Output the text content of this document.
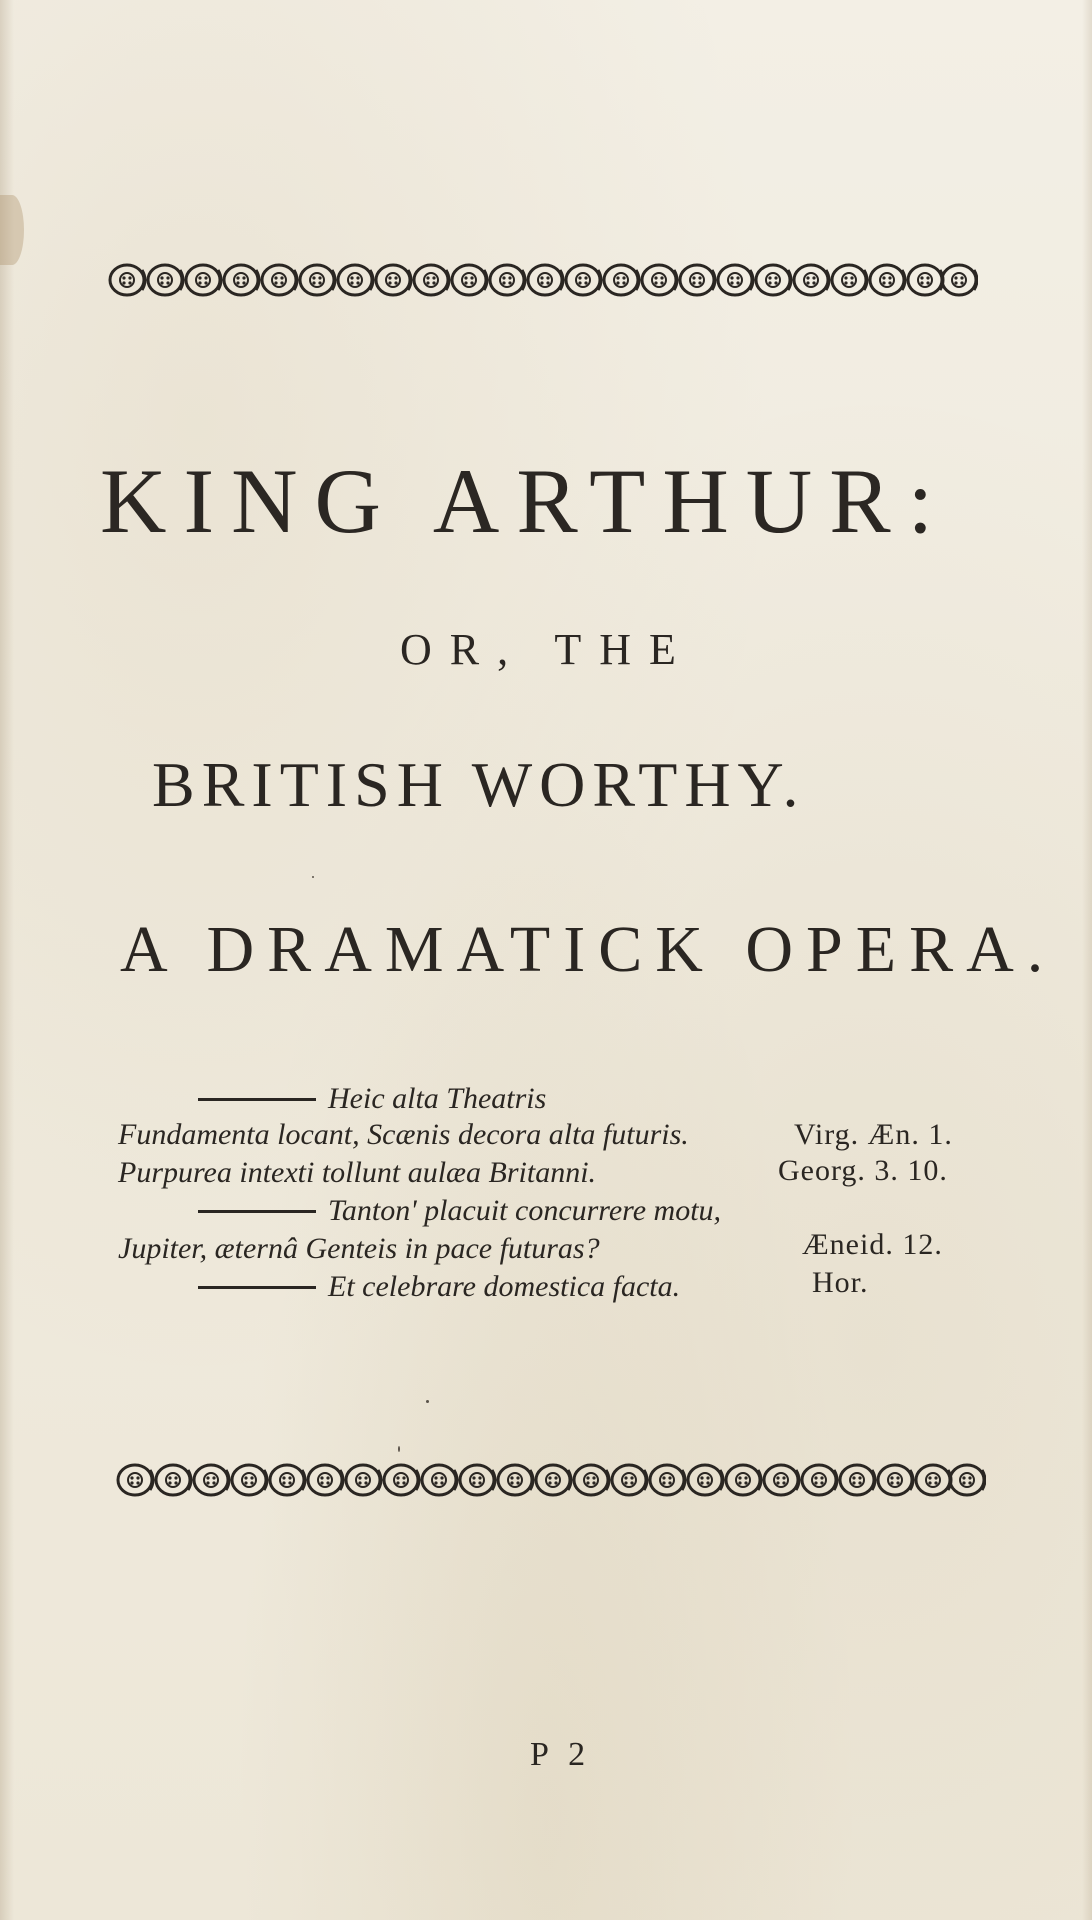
KING ARTHUR:
OR, THE
BRITISH WORTHY.
A DRAMATICK OPERA.
Heic alta Theatris
Fundamenta locant, Scænis decora alta futuris.	Virg. Æn. 1.
Purpurea intexti tollunt aulæa Britanni.	Georg. 3. 10.
Tanton' placuit concurrere motu,
Jupiter, æternâ Genteis in pace futuras?	Æneid. 12.
Et celebrare domestica facta.	Hor.
P 2
